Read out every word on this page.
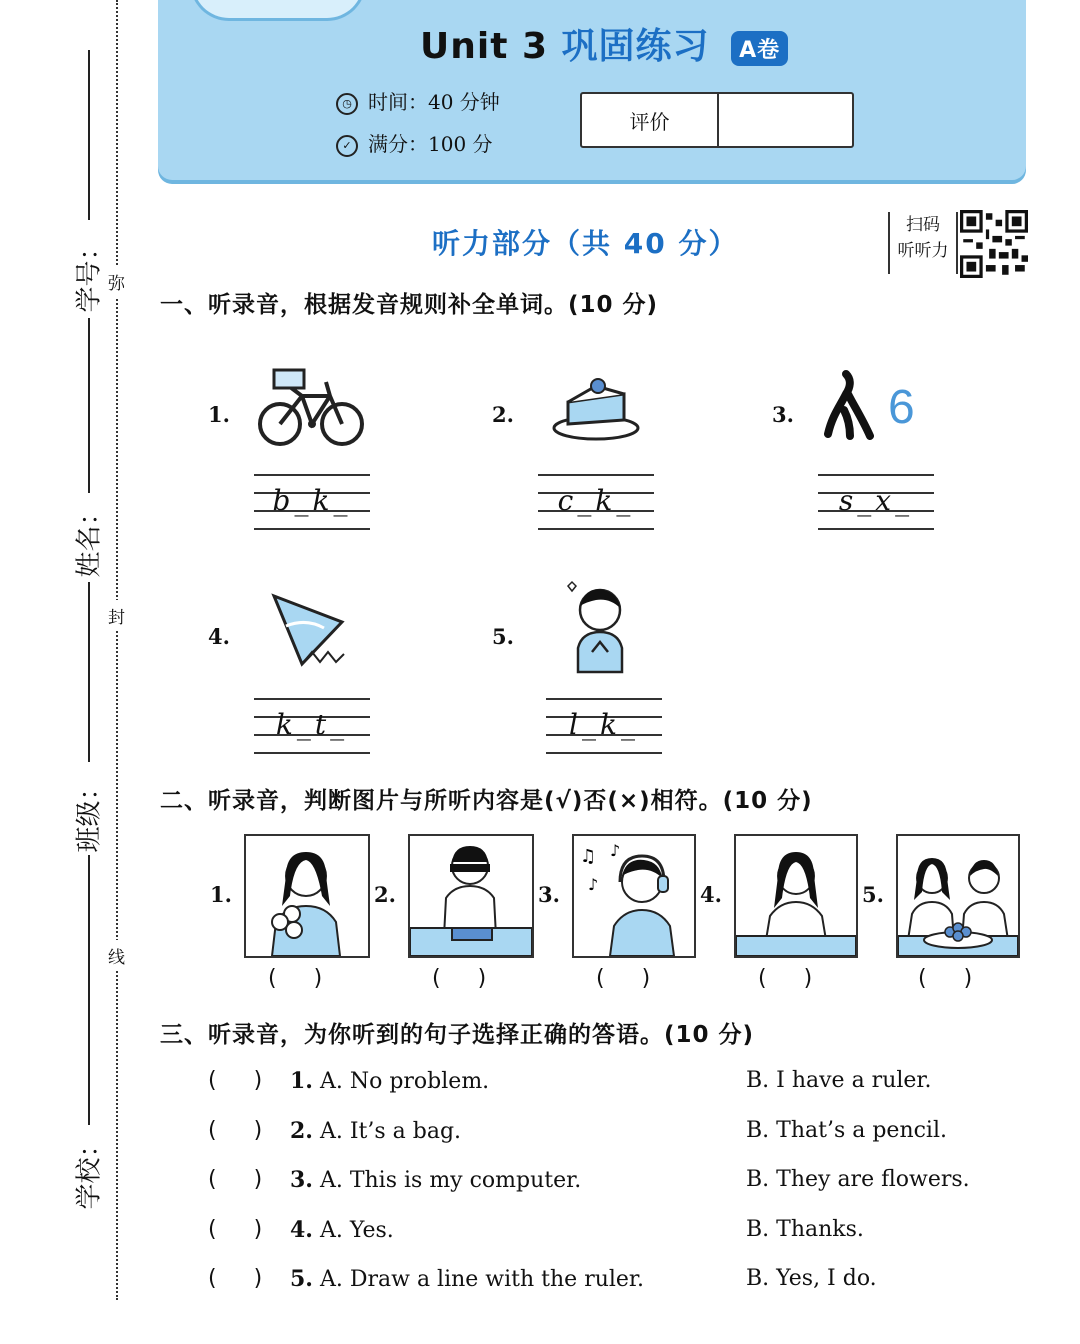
学号：
姓名：
班级：
学校：
弥
封
线
Unit 3 巩固练习 A卷
◷ 时间：40 分钟
✓ 满分：100 分
评价
听力部分（共 40 分）
扫码
听听力
一、听录音，根据发音规则补全单词。(10 分)
1.
b_k_
2.
c_k_
3. 6
s_x_
4.
k_t_
5.
l_k_
二、听录音，判断图片与所听内容是(√)否(×)相符。(10 分)
1.	2.	3.
♫ ♪
♪	4.	5.
( )	( )	( )	( )	( )
三、听录音，为你听到的句子选择正确的答语。(10 分)
( ) 1. A. No problem.	B. I have a ruler.
( ) 2. A. It’s a bag.	B. That’s a pencil.
( ) 3. A. This is my computer.	B. They are flowers.
( ) 4. A. Yes.	B. Thanks.
( ) 5. A. Draw a line with the ruler.	B. Yes, I do.
